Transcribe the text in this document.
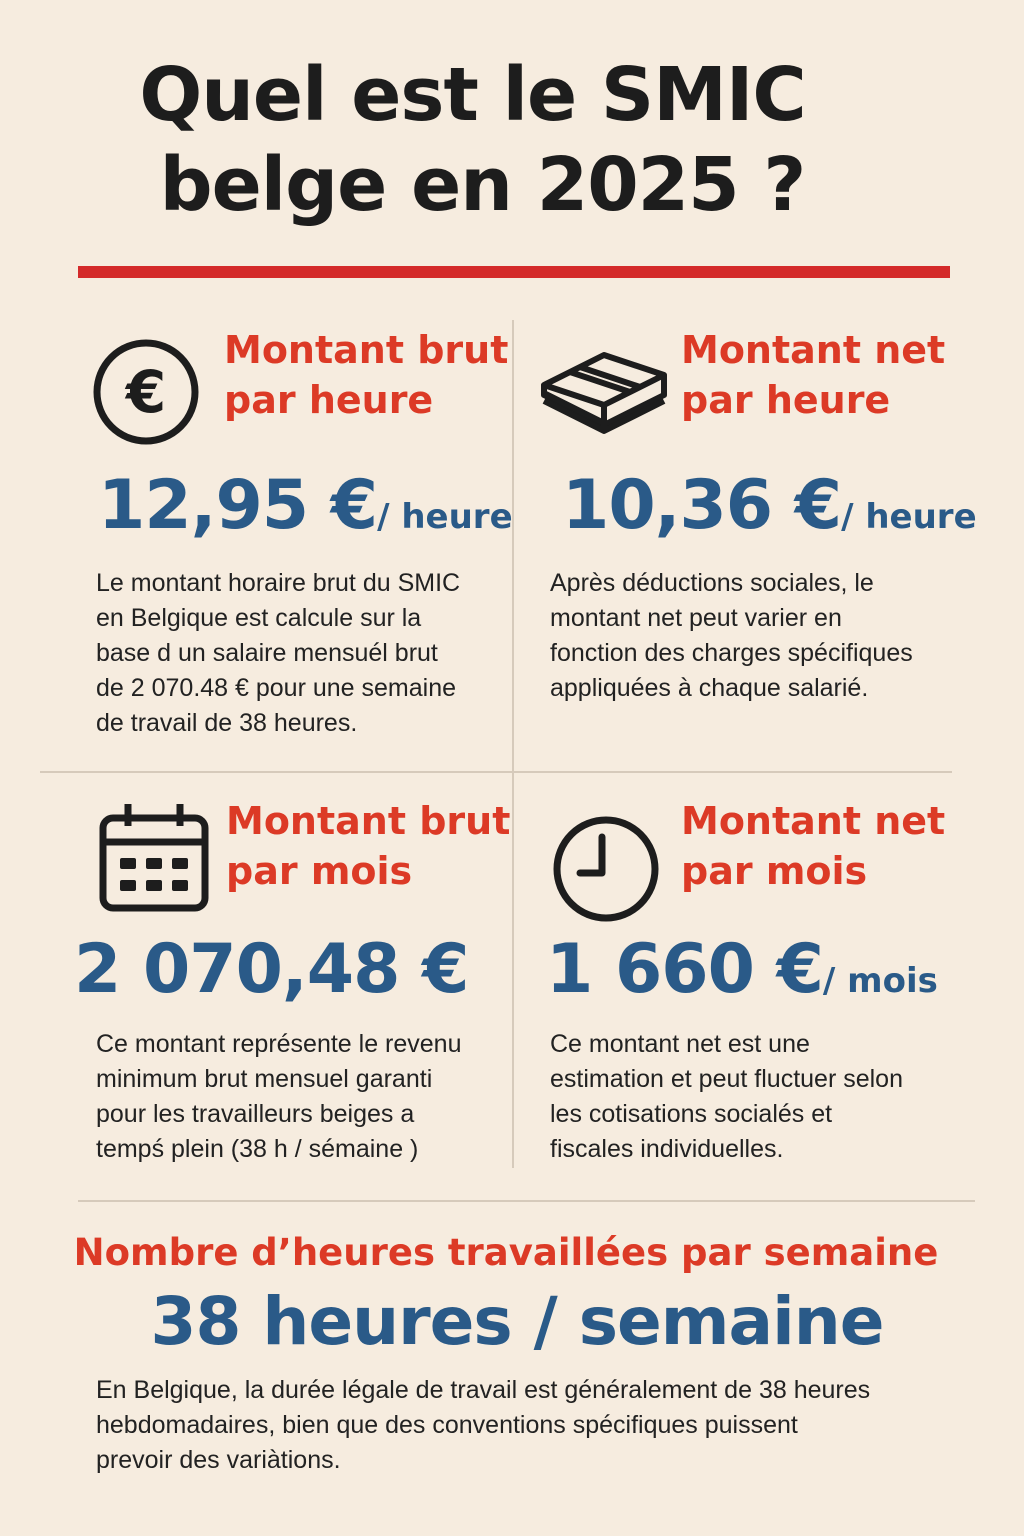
Quel est le SMIC
belge en 2025 ?
€
Montant brut
par heure
12,95 €/ heure
Le montant horaire brut du SMIC
en Belgique est calcule sur la
base d un salaire mensuél brut
de 2 070.48 € pour une semaine
de travail de 38 heures.
Montant net
par heure
10,36 €/ heure
Après déductions sociales, le
montant net peut varier en
fonction des charges spécifiques
appliquées à chaque salarié.
Montant brut
par mois
2 070,48 €
Ce montant représente le revenu
minimum brut mensuel garanti
pour les travailleurs beiges a
tempś plein (38 h / sémaine )
Montant net
par mois
1 660 €/ mois
Ce montant net est une
estimation et peut fluctuer selon
les cotisations socialés et
fiscales individuelles.
Nombre d’heures travaillées par semaine
38 heures / semaine
En Belgique, la durée légale de travail est généralement de 38 heures
hebdomadaires, bien que des conventions spécifiques puissent
prevoir des variàtions.
